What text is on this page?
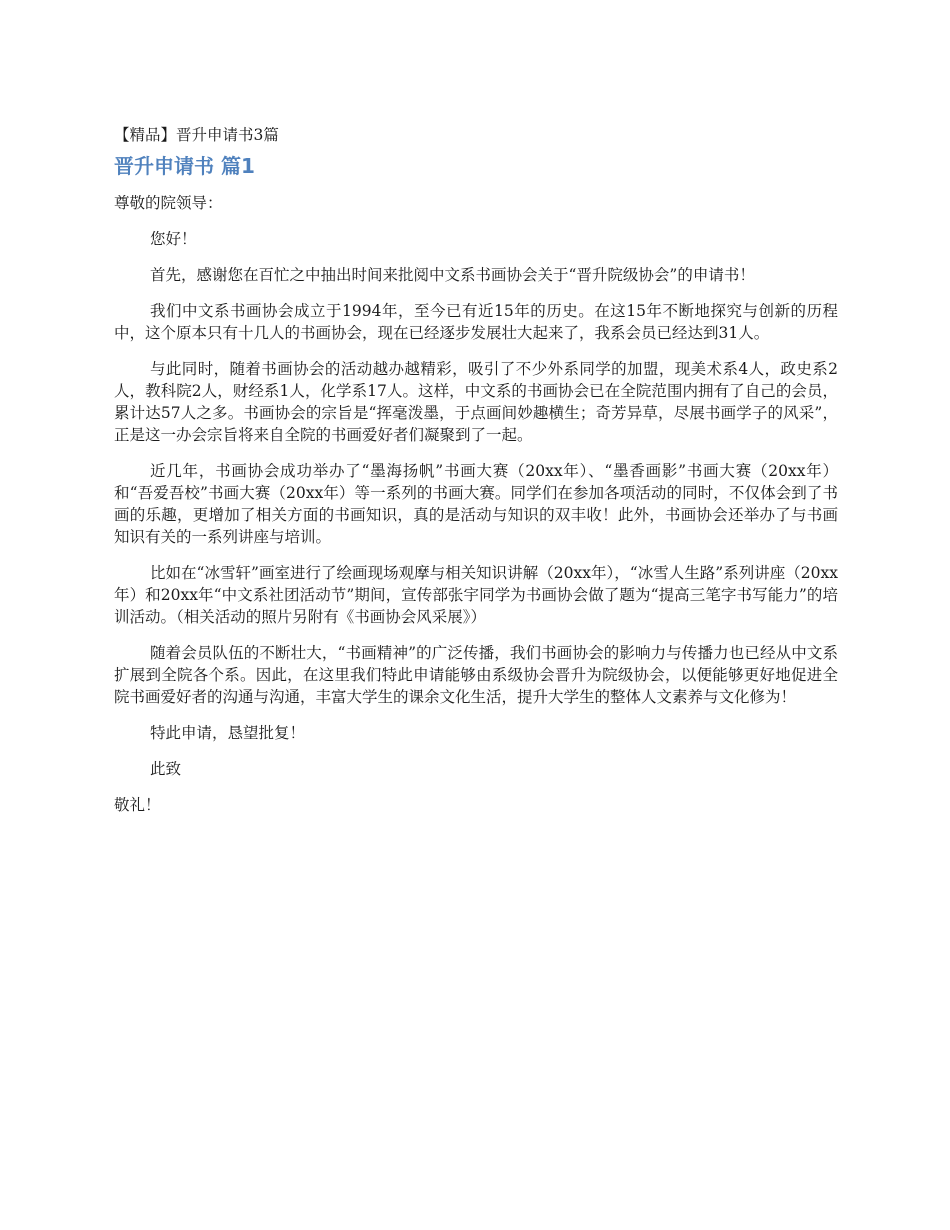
【精品】晋升申请书3篇

晋升申请书 篇1

尊敬的院领导：

您好！

首先，感谢您在百忙之中抽出时间来批阅中文系书画协会关于“晋升院级协会”的申请书！

我们中文系书画协会成立于1994年，至今已有近15年的历史。在这15年不断地探究与创新的历程中，这个原本只有十几人的书画协会，现在已经逐步发展壮大起来了，我系会员已经达到31人。

与此同时，随着书画协会的活动越办越精彩，吸引了不少外系同学的加盟，现美术系4人，政史系2人，教科院2人，财经系1人，化学系17人。这样，中文系的书画协会已在全院范围内拥有了自己的会员，累计达57人之多。书画协会的宗旨是“挥毫泼墨，于点画间妙趣横生；奇芳异草，尽展书画学子的风采”，正是这一办会宗旨将来自全院的书画爱好者们凝聚到了一起。

近几年，书画协会成功举办了“墨海扬帆”书画大赛（20xx年）、“墨香画影”书画大赛（20xx年）和“吾爱吾校”书画大赛（20xx年）等一系列的书画大赛。同学们在参加各项活动的同时，不仅体会到了书画的乐趣，更增加了相关方面的书画知识，真的是活动与知识的双丰收！此外，书画协会还举办了与书画知识有关的一系列讲座与培训。

比如在“冰雪轩”画室进行了绘画现场观摩与相关知识讲解（20xx年），“冰雪人生路”系列讲座（20xx年）和20xx年“中文系社团活动节”期间，宣传部张宇同学为书画协会做了题为“提高三笔字书写能力”的培训活动。（相关活动的照片另附有《书画协会风采展》）

随着会员队伍的不断壮大，“书画精神”的广泛传播，我们书画协会的影响力与传播力也已经从中文系扩展到全院各个系。因此，在这里我们特此申请能够由系级协会晋升为院级协会，以便能够更好地促进全院书画爱好者的沟通与沟通，丰富大学生的课余文化生活，提升大学生的整体人文素养与文化修为！

特此申请，恳望批复！

此致

敬礼！
